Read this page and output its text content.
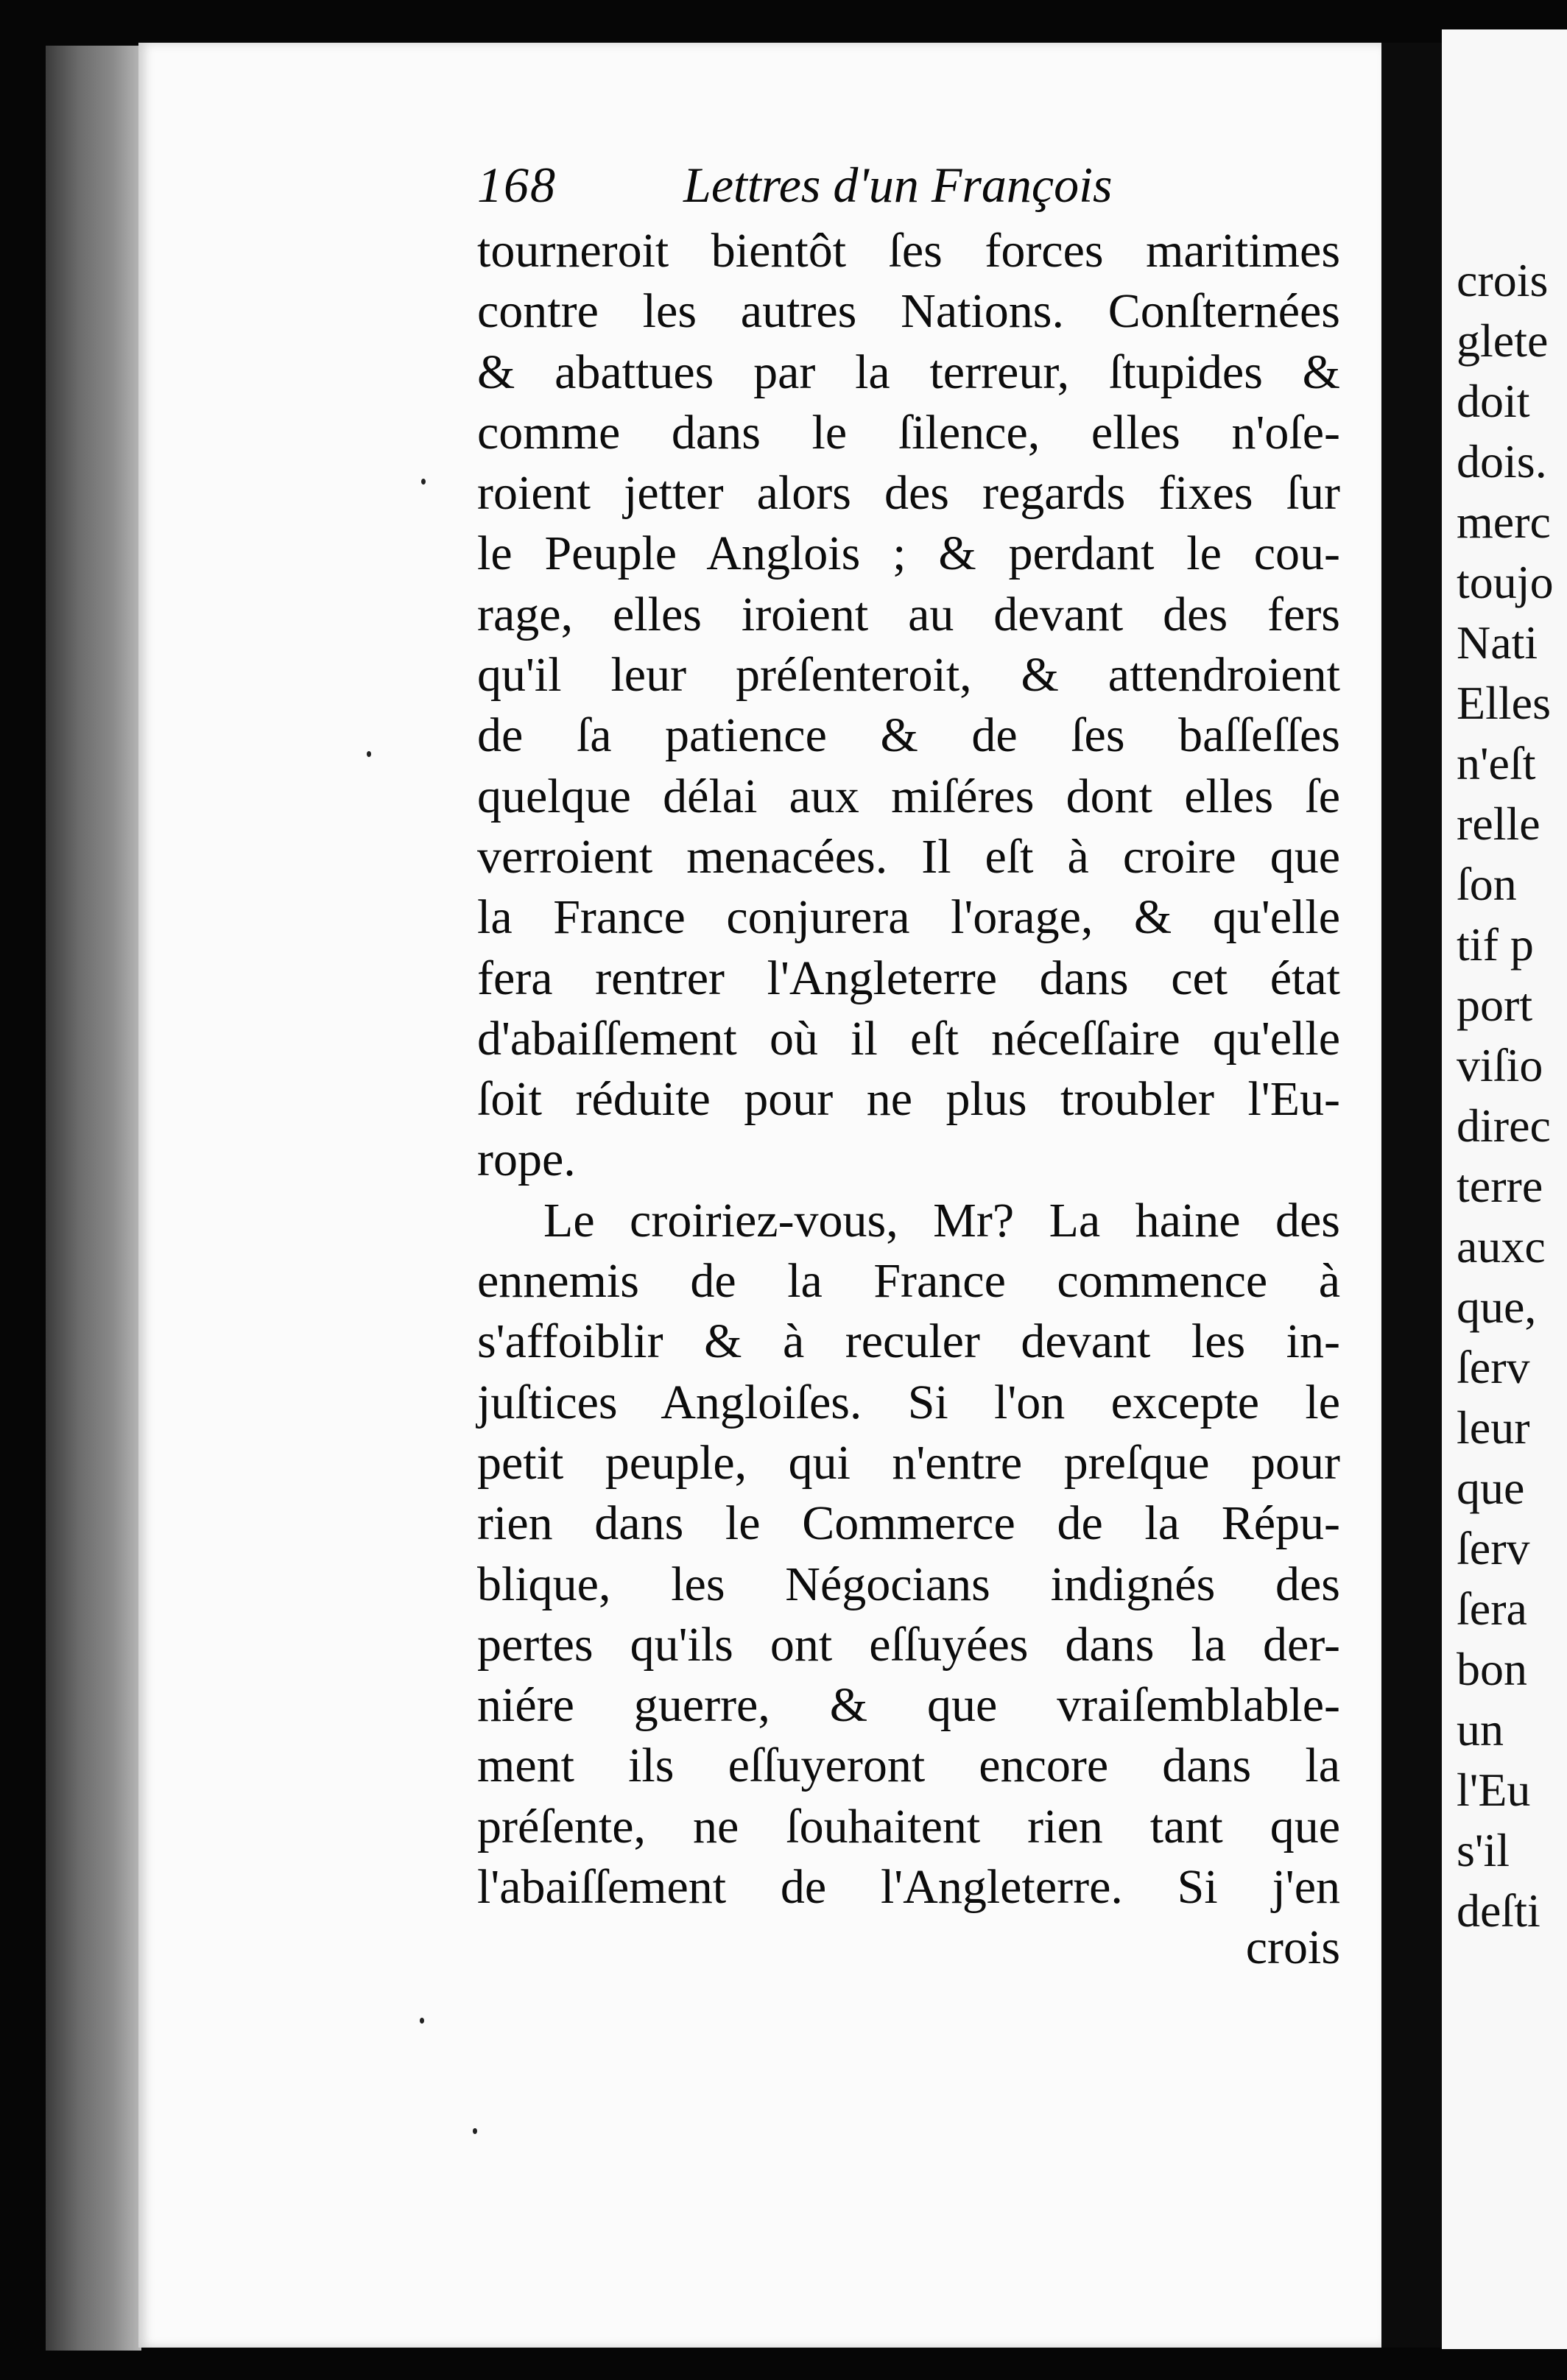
crois
glete
doit
dois.
merc
toujo
Nati
Elles
n'eſt
relle
ſon
tif p
port
viſio
direc
terre
auxc
que,
ſerv
leur
que
ſerv
ſera
bon
un
l'Eu
s'il
deſti
168	Lettres d'un François
tourneroit bientôt ſes forces maritimes
contre les autres Nations. Conſternées
& abattues par la terreur, ſtupides &
comme dans le ſilence, elles n'oſe-
roient jetter alors des regards fixes ſur
le Peuple Anglois ; & perdant le cou-
rage, elles iroient au devant des fers
qu'il leur préſenteroit, & attendroient
de ſa patience & de ſes baſſeſſes
quelque délai aux miſéres dont elles ſe
verroient menacées. Il eſt à croire que
la France conjurera l'orage, & qu'elle
fera rentrer l'Angleterre dans cet état
d'abaiſſement où il eſt néceſſaire qu'elle
ſoit réduite pour ne plus troubler l'Eu-
rope.
Le croiriez-vous, Mr? La haine des
ennemis de la France commence à
s'affoiblir & à reculer devant les in-
juſtices Angloiſes. Si l'on excepte le
petit peuple, qui n'entre preſque pour
rien dans le Commerce de la Répu-
blique, les Négocians indignés des
pertes qu'ils ont eſſuyées dans la der-
niére guerre, & que vraiſemblable-
ment ils eſſuyeront encore dans la
préſente, ne ſouhaitent rien tant que
l'abaiſſement de l'Angleterre. Si j'en
crois
